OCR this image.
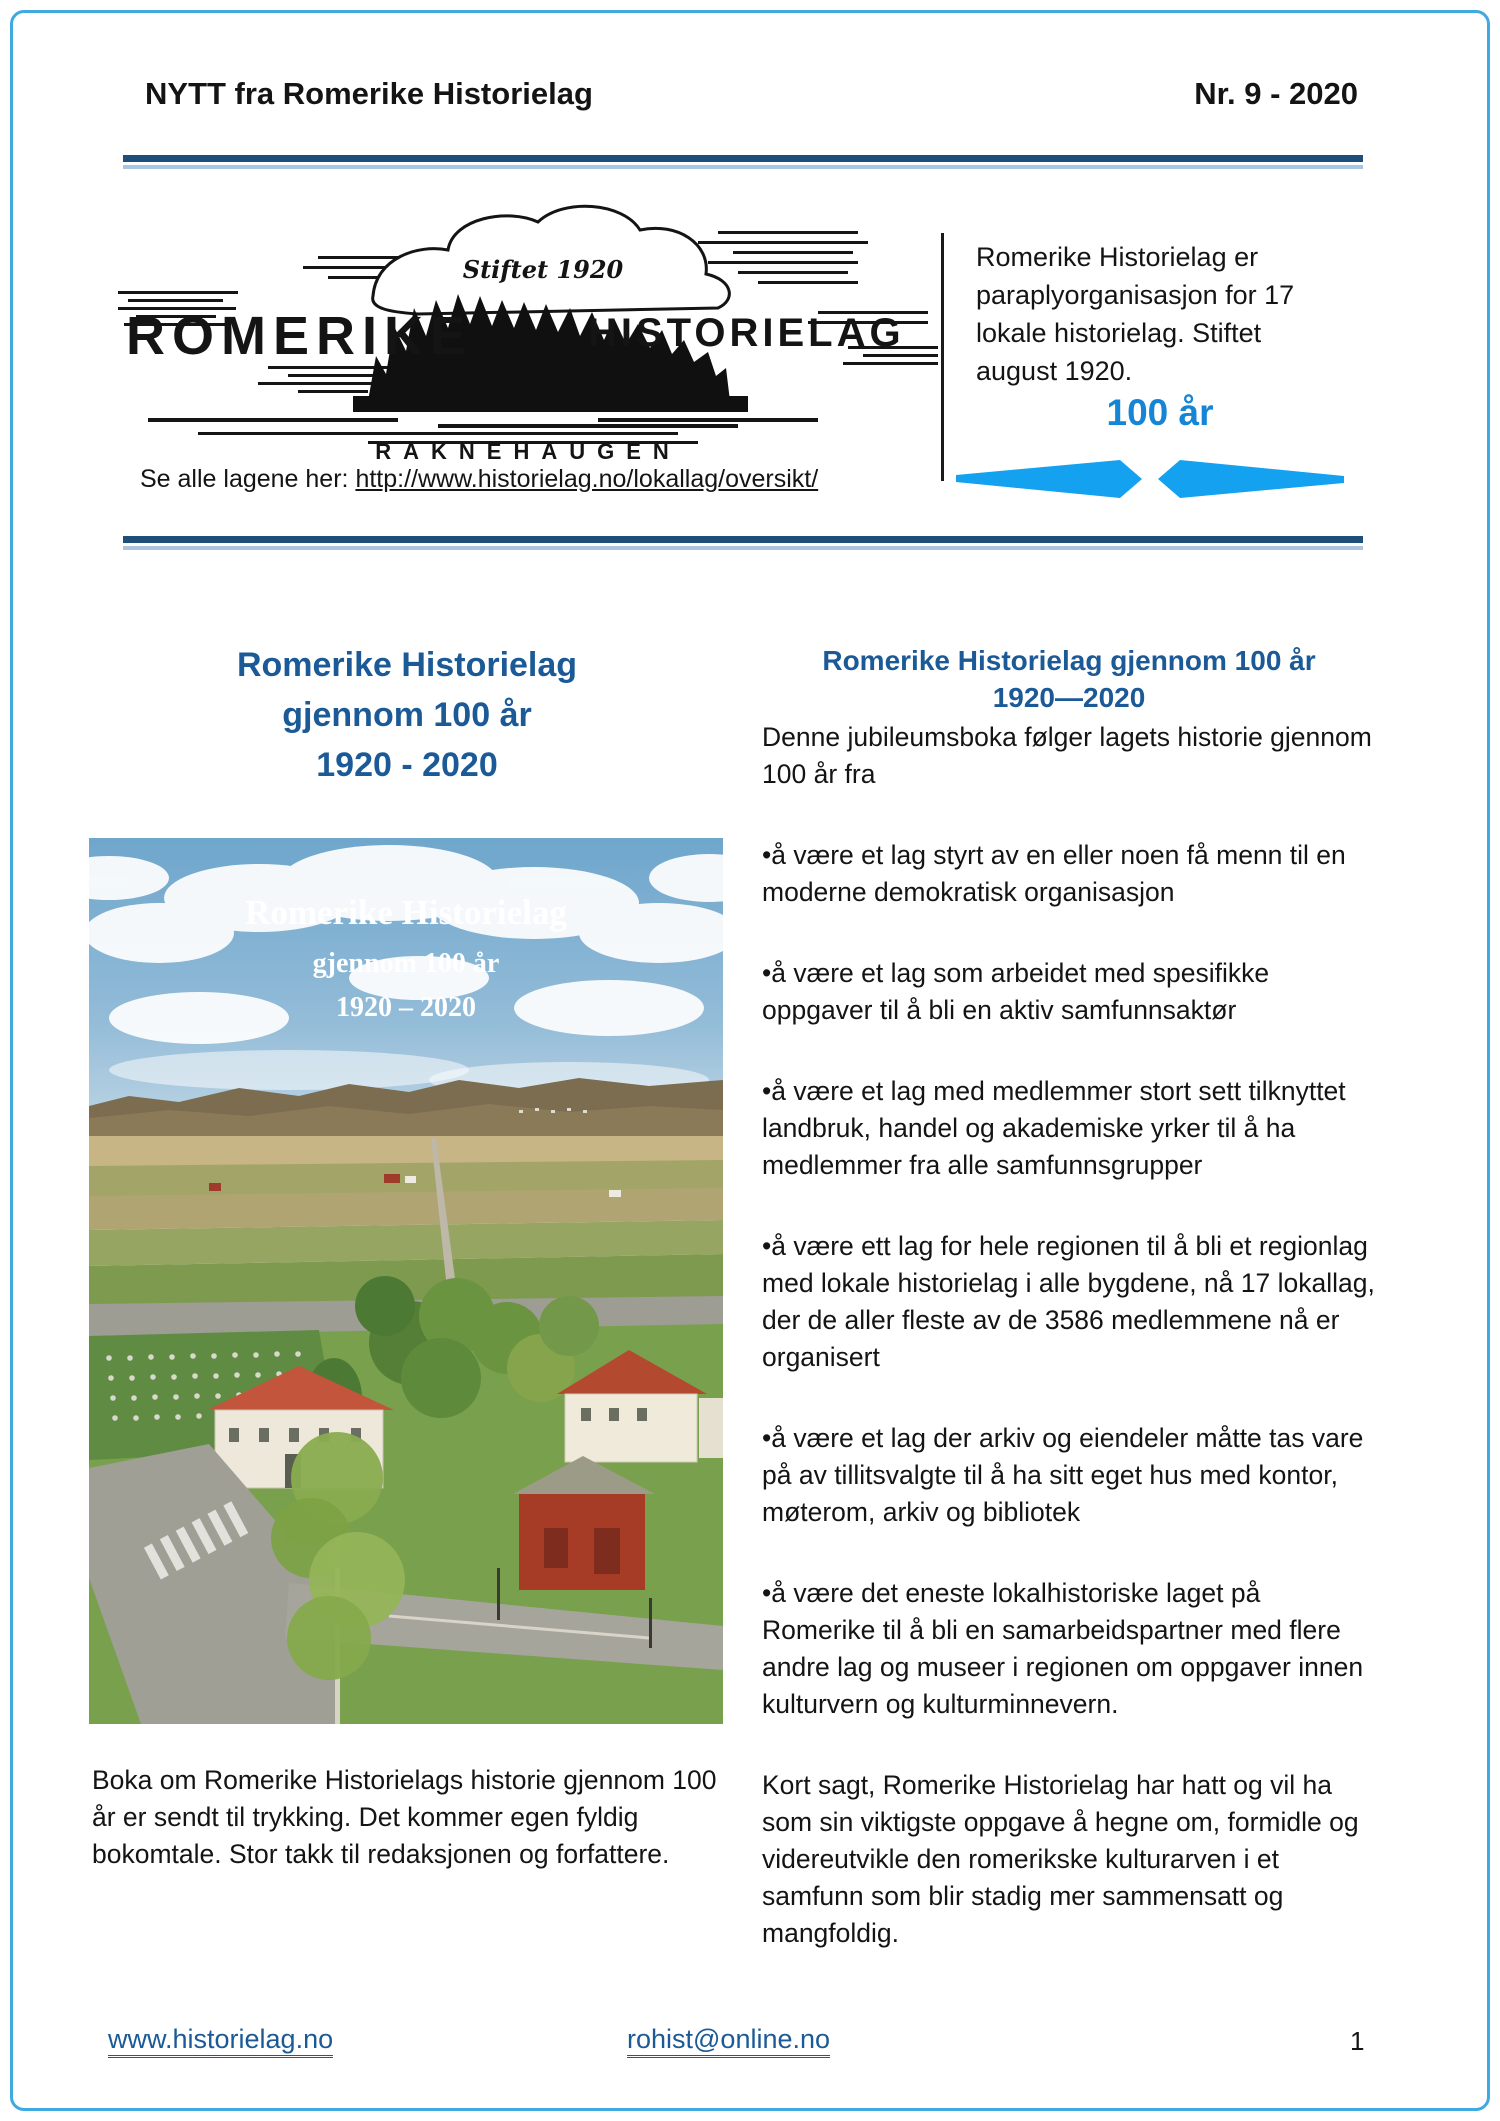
NYTT fra Romerike Historielag	Nr. 9 - 2020
Stiftet 1920
ROMERIKE	HISTORIELAG
RAKNEHAUGEN
Se alle lagene her: http://www.historielag.no/lokallag/oversikt/
Romerike Historielag er paraplyorganisasjon for 17 lokale historielag. Stiftet august 1920.
100 år
Romerike Historielag
gjennom 100 år
1920 - 2020
Romerike Historielag
gjennom 100 år
1920 – 2020
Boka om Romerike Historielags historie gjennom 100 år er sendt til trykking. Det kommer egen fyldig bokomtale. Stor takk til redaksjonen og forfattere.
Romerike Historielag gjennom 100 år
1920—2020

Denne jubileumsboka følger lagets historie gjennom 100 år fra

•å være et lag styrt av en eller noen få menn til en moderne demokratisk organisasjon

•å være et lag som arbeidet med spesifikke oppgaver til å bli en aktiv samfunnsaktør

•å være et lag med medlemmer stort sett tilknyttet landbruk, handel og akademiske yrker til å ha medlemmer fra alle samfunnsgrupper

•å være ett lag for hele regionen til å bli et regionlag med lokale historielag i alle bygdene, nå 17 lokallag, der de aller fleste av de 3586 medlemmene nå er organisert

•å være et lag der arkiv og eiendeler måtte tas vare på av tillitsvalgte til å ha sitt eget hus med kontor, møterom, arkiv og bibliotek

•å være det eneste lokalhistoriske laget på Romerike til å bli en samarbeidspartner med flere andre lag og museer i regionen om oppgaver innen kulturvern og kulturminnevern.

Kort sagt, Romerike Historielag har hatt og vil ha som sin viktigste oppgave å hegne om, formidle og videreutvikle den romerikske kulturarven i et samfunn som blir stadig mer sammensatt og mangfoldig.

www.historielag.no	rohist@online.no	1
